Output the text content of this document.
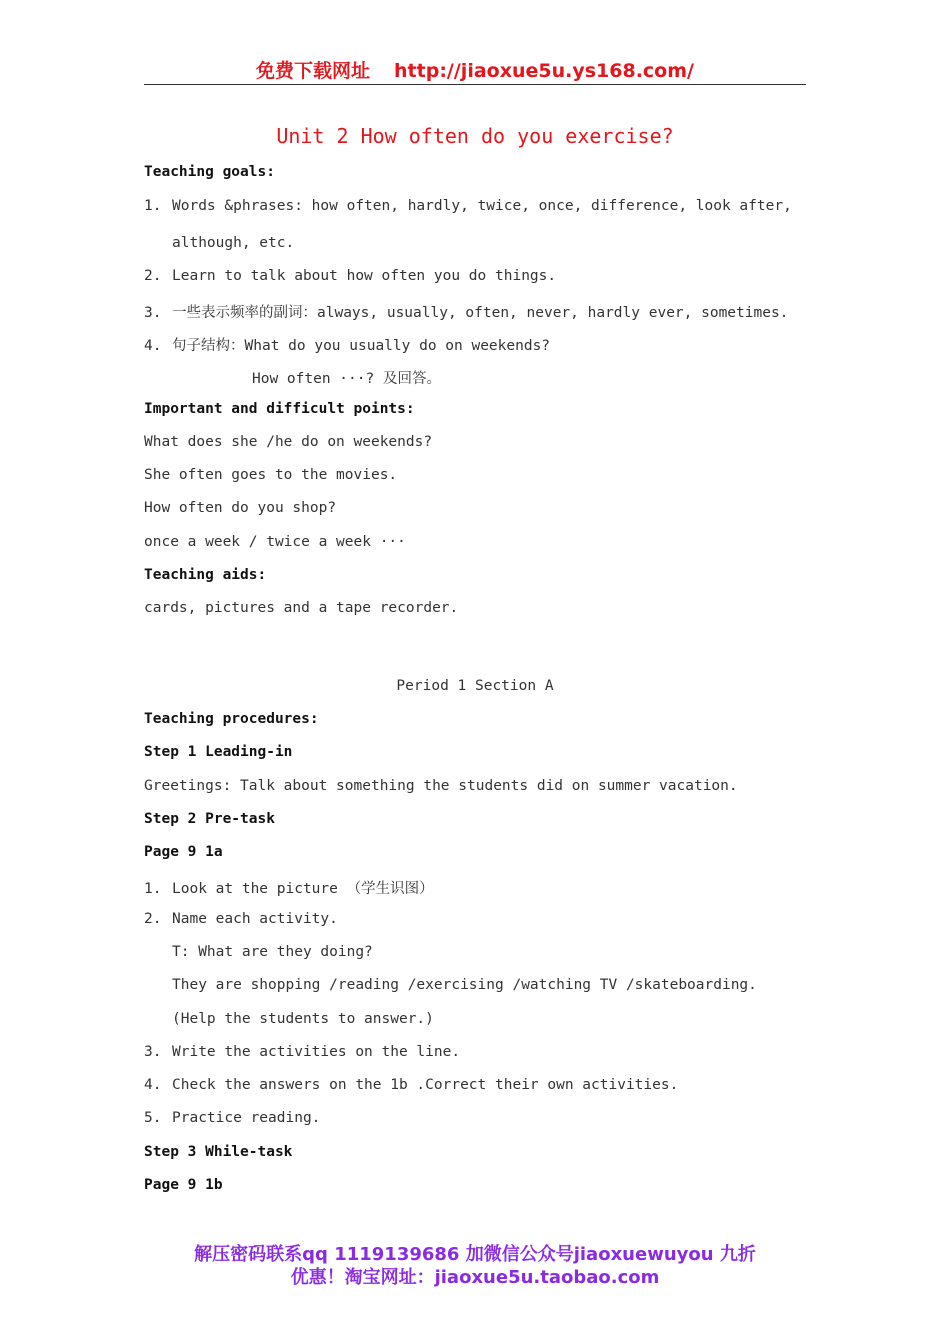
免费下载网址 http://jiaoxue5u.ys168.com/
Unit 2 How often do you exercise?
Teaching goals:
1. Words &phrases: how often, hardly, twice, once, difference, look after,
although, etc.
2. Learn to talk about how often you do things.
3. 一些表示频率的副词：always, usually, often, never, hardly ever, sometimes.
4. 句子结构：What do you usually do on weekends?
How often ···? 及回答。
Important and difficult points:
What does she /he do on weekends?
She often goes to the movies.
How often do you shop?
once a week / twice a week ···
Teaching aids:
cards, pictures and a tape recorder.
Period 1 Section A
Teaching procedures:
Step 1 Leading-in
Greetings: Talk about something the students did on summer vacation.
Step 2 Pre-task
Page 9 1a
1. Look at the picture （学生识图）
2. Name each activity.
T: What are they doing?
They are shopping /reading /exercising /watching TV /skateboarding.
(Help the students to answer.)
3. Write the activities on the line.
4. Check the answers on the 1b .Correct their own activities.
5. Practice reading.
Step 3 While-task
Page 9 1b
解压密码联系qq 1119139686 加微信公众号jiaoxuewuyou 九折
优惠！淘宝网址：jiaoxue5u.taobao.com
